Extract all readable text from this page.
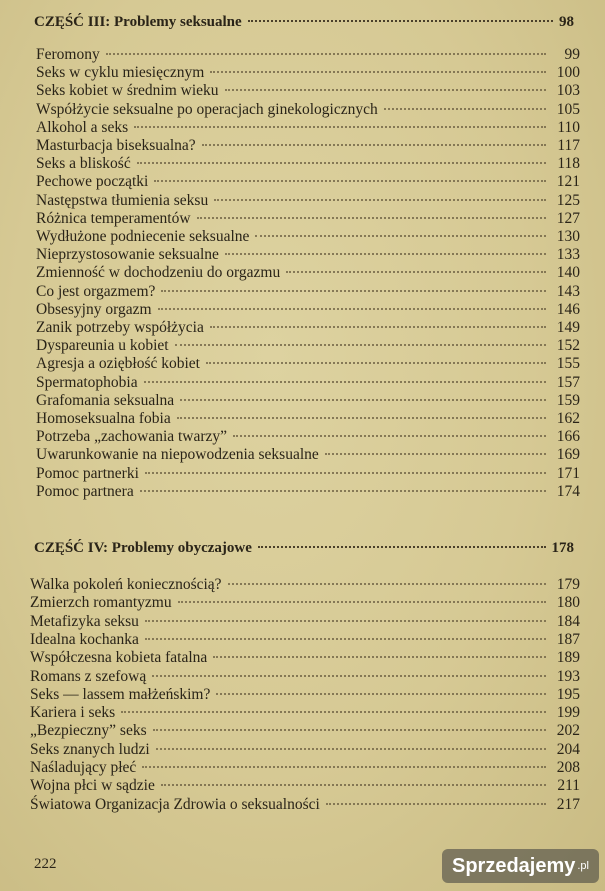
CZĘŚĆ III: Problemy seksualne	98
Feromony	99
Seks w cyklu miesięcznym	100
Seks kobiet w średnim wieku	103
Współżycie seksualne po operacjach ginekologicznych	105
Alkohol a seks	110
Masturbacja biseksualna?	117
Seks a bliskość	118
Pechowe początki	121
Następstwa tłumienia seksu	125
Różnica temperamentów	127
Wydłużone podniecenie seksualne	130
Nieprzystosowanie seksualne	133
Zmienność w dochodzeniu do orgazmu	140
Co jest orgazmem?	143
Obsesyjny orgazm	146
Zanik potrzeby współżycia	149
Dyspareunia u kobiet	152
Agresja a oziębłość kobiet	155
Spermatophobia	157
Grafomania seksualna	159
Homoseksualna fobia	162
Potrzeba „zachowania twarzy”	166
Uwarunkowanie na niepowodzenia seksualne	169
Pomoc partnerki	171
Pomoc partnera	174
CZĘŚĆ IV: Problemy obyczajowe	178
Walka pokoleń koniecznością?	179
Zmierzch romantyzmu	180
Metafizyka seksu	184
Idealna kochanka	187
Współczesna kobieta fatalna	189
Romans z szefową	193
Seks — lassem małżeńskim?	195
Kariera i seks	199
„Bezpieczny” seks	202
Seks znanych ludzi	204
Naśladujący płeć	208
Wojna płci w sądzie	211
Światowa Organizacja Zdrowia o seksualności	217
222	Sprzedajemy .pl
